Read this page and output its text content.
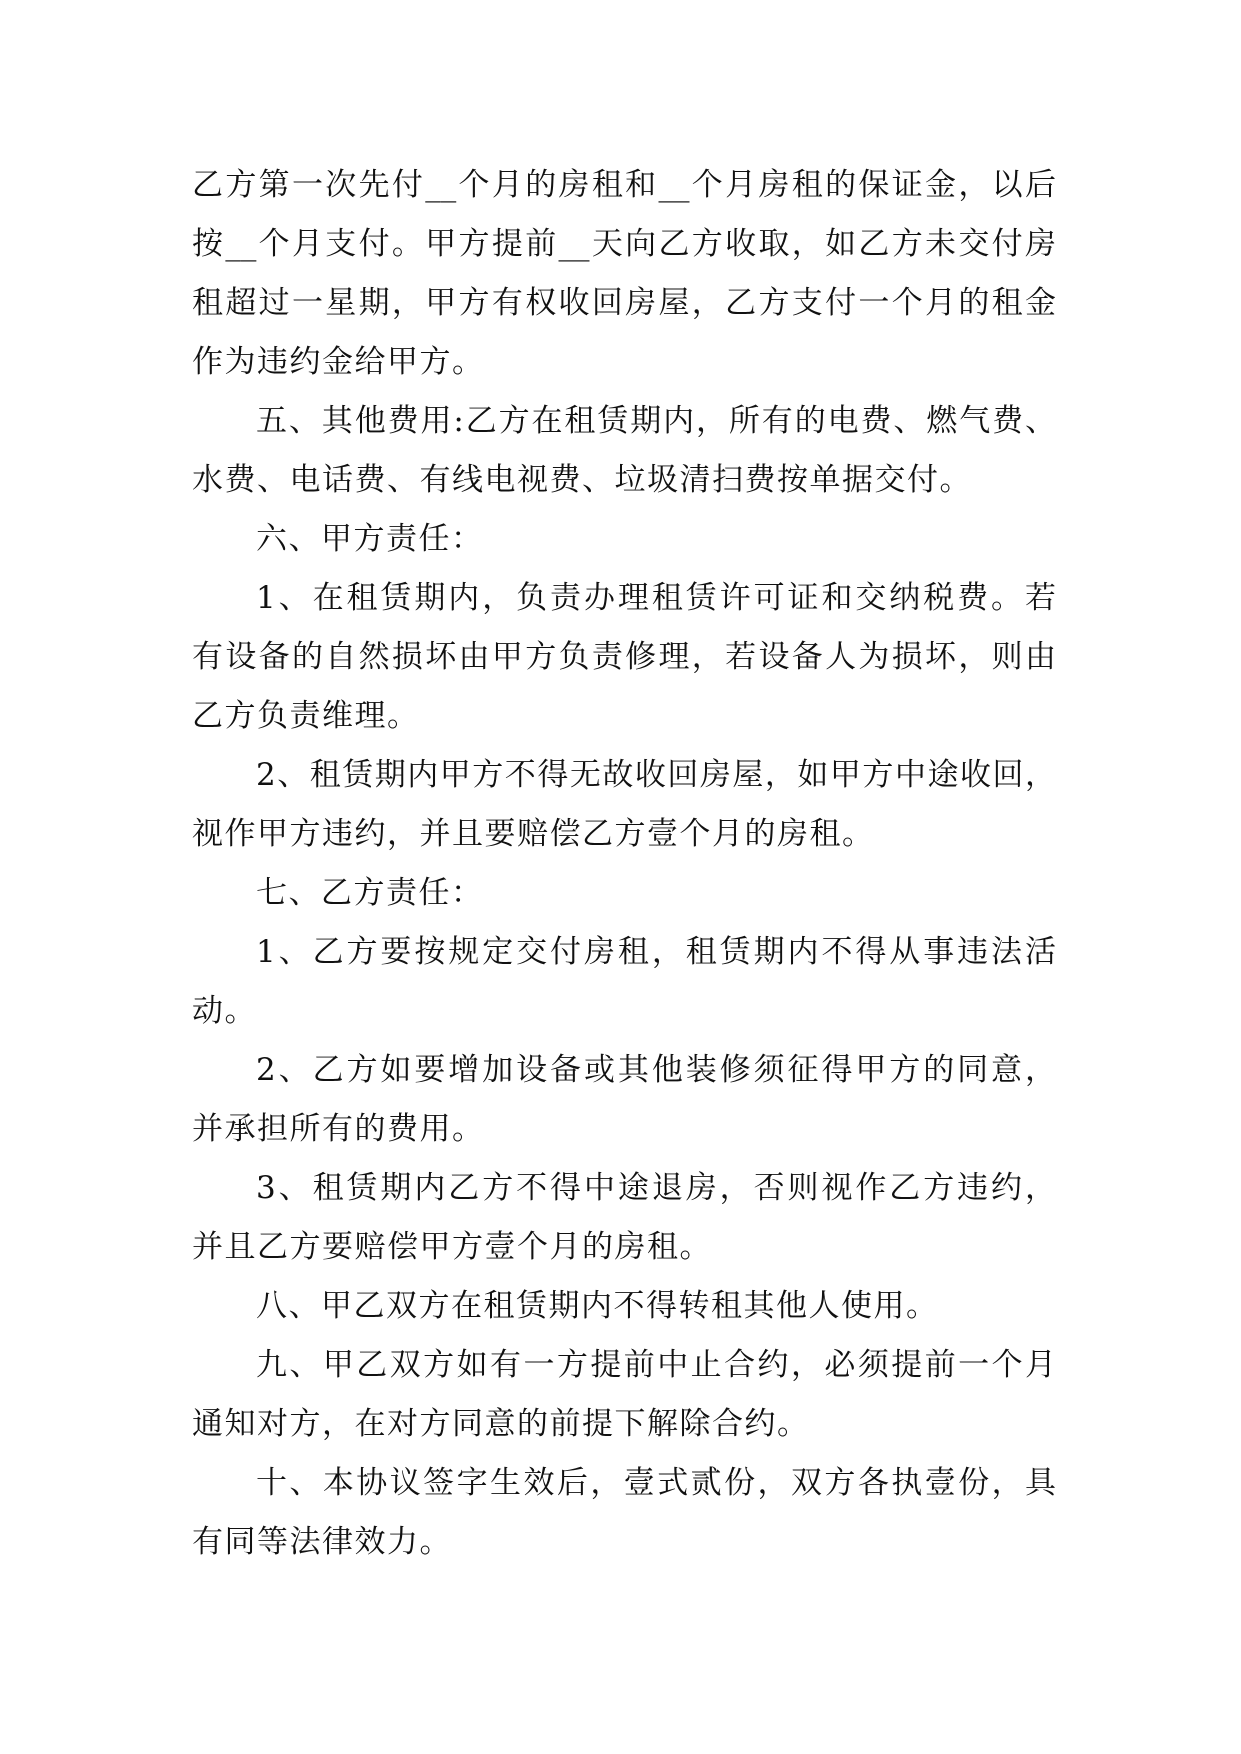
乙方第一次先付__个月的房租和__个月房租的保证金，以后
按__个月支付。甲方提前__天向乙方收取，如乙方未交付房
租超过一星期，甲方有权收回房屋，乙方支付一个月的租金
作为违约金给甲方。
五、其他费用:乙方在租赁期内，所有的电费、燃气费、
水费、电话费、有线电视费、垃圾清扫费按单据交付。
六、甲方责任：
1、在租赁期内，负责办理租赁许可证和交纳税费。若
有设备的自然损坏由甲方负责修理，若设备人为损坏，则由
乙方负责维理。
2、租赁期内甲方不得无故收回房屋，如甲方中途收回，
视作甲方违约，并且要赔偿乙方壹个月的房租。
七、乙方责任：
1、乙方要按规定交付房租，租赁期内不得从事违法活
动。
2、乙方如要增加设备或其他装修须征得甲方的同意，
并承担所有的费用。
3、租赁期内乙方不得中途退房，否则视作乙方违约，
并且乙方要赔偿甲方壹个月的房租。
八、甲乙双方在租赁期内不得转租其他人使用。
九、甲乙双方如有一方提前中止合约，必须提前一个月
通知对方，在对方同意的前提下解除合约。
十、本协议签字生效后，壹式贰份，双方各执壹份，具
有同等法律效力。
